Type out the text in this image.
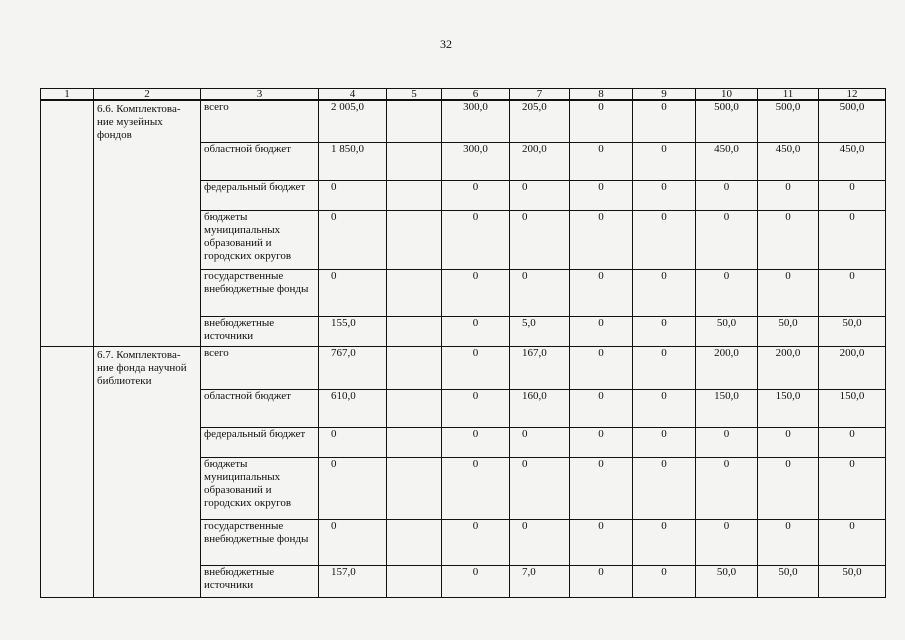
32
1	2	3	4	5	6	7	8	9	10	11	12
	6.6. Комплектова-ние музейных фондов	всего	2 005,0		300,0	205,0	0	0	500,0	500,0	500,0
		областной бюджет	1 850,0		300,0	200,0	0	0	450,0	450,0	450,0
		федеральный бюджет	0		0	0	0	0	0	0	0
		бюджеты муниципальных образований и городских округов	0		0	0	0	0	0	0	0
		государственные внебюджетные фонды	0		0	0	0	0	0	0	0
		внебюджетные источники	155,0		0	5,0	0	0	50,0	50,0	50,0
	6.7. Комплектова-ние фонда научной библиотеки	всего	767,0		0	167,0	0	0	200,0	200,0	200,0
		областной бюджет	610,0		0	160,0	0	0	150,0	150,0	150,0
		федеральный бюджет	0		0	0	0	0	0	0	0
		бюджеты муниципальных образований и городских округов	0		0	0	0	0	0	0	0
		государственные внебюджетные фонды	0		0	0	0	0	0	0	0
		внебюджетные источники	157,0		0	7,0	0	0	50,0	50,0	50,0
